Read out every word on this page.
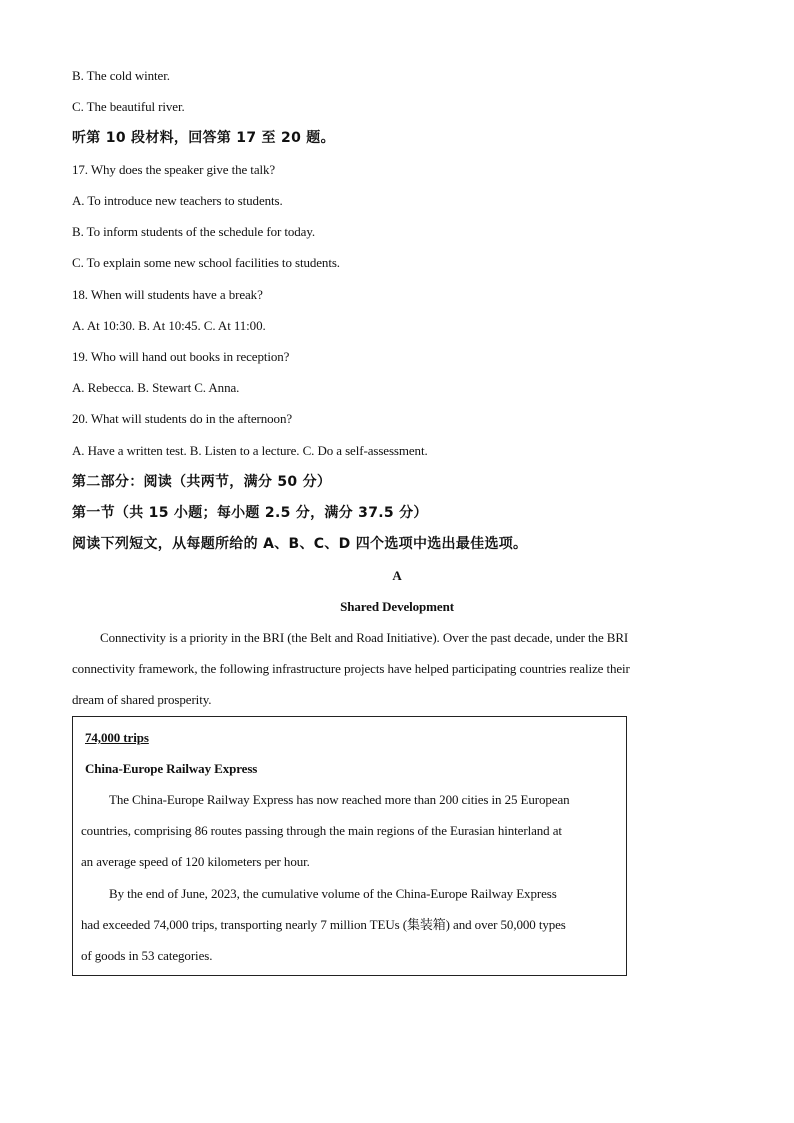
B. The cold winter.
C. The beautiful river.
听第 10 段材料，回答第 17 至 20 题。
17. Why does the speaker give the talk?
A. To introduce new teachers to students.
B. To inform students of the schedule for today.
C. To explain some new school facilities to students.
18. When will students have a break?
A. At 10:30. B. At 10:45. C. At 11:00.
19. Who will hand out books in reception?
A. Rebecca. B. Stewart C. Anna.
20. What will students do in the afternoon?
A. Have a written test. B. Listen to a lecture. C. Do a self-assessment.
第二部分：阅读（共两节，满分 50 分）
第一节（共 15 小题；每小题 2.5 分，满分 37.5 分）
阅读下列短文，从每题所给的 A、B、C、D 四个选项中选出最佳选项。
A
Shared Development
Connectivity is a priority in the BRI (the Belt and Road Initiative). Over the past decade, under the BRI
connectivity framework, the following infrastructure projects have helped participating countries realize their
dream of shared prosperity.
74,000 trips
China-Europe Railway Express
The China-Europe Railway Express has now reached more than 200 cities in 25 European
countries, comprising 86 routes passing through the main regions of the Eurasian hinterland at
an average speed of 120 kilometers per hour.
By the end of June, 2023, the cumulative volume of the China-Europe Railway Express
had exceeded 74,000 trips, transporting nearly 7 million TEUs (集装箱) and over 50,000 types
of goods in 53 categories.
